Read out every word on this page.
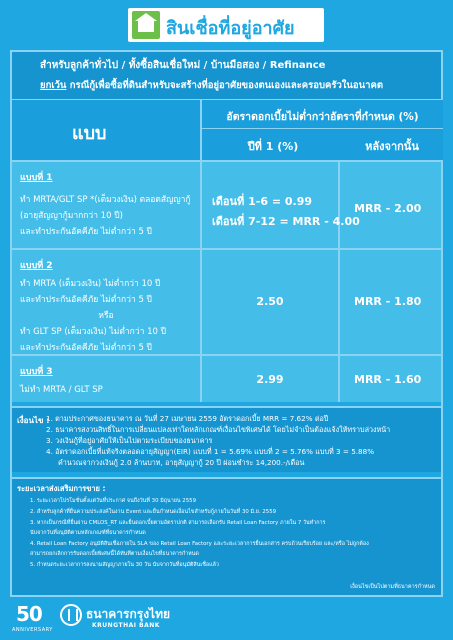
สินเชื่อที่อยู่อาศัย
สำหรับลูกค้าทั่วไป / ทั้งซื้อสินเชื่อใหม่ / บ้านมือสอง / Refinance
ยกเว้น กรณีกู้เพื่อซื้อที่ดินสำหรับจะสร้างที่อยู่อาศัยของตนเองและครอบครัวในอนาคต
แบบ
อัตราดอกเบี้ยไม่ต่ำกว่าอัตราที่กำหนด (%)
ปีที่ 1 (%)	หลังจากนั้น
แบบที่ 1
ทำ MRTA/GLT SP *(เต็มวงเงิน) ตลอดสัญญากู้
(อายุสัญญากู้มากกว่า 10 ปี)
และทำประกันอัคคีภัย ไม่ต่ำกว่า 5 ปี
เดือนที่ 1-6 = 0.99
เดือนที่ 7-12 = MRR - 4.00
MRR - 2.00
แบบที่ 2
ทำ MRTA (เต็มวงเงิน) ไม่ต่ำกว่า 10 ปี
และทำประกันอัคคีภัย ไม่ต่ำกว่า 5 ปี
หรือ
ทำ GLT SP (เต็มวงเงิน) ไม่ต่ำกว่า 10 ปี
และทำประกันอัคคีภัย ไม่ต่ำกว่า 5 ปี
2.50	MRR - 1.80
แบบที่ 3
ไม่ทำ MRTA / GLT SP
2.99	MRR - 1.60
เงื่อนไข :
1. ตามประกาศของธนาคาร ณ วันที่ 27 เมษายน 2559 อัตราดอกเบี้ย MRR = 7.62% ต่อปี
2. ธนาคารสงวนสิทธิ์ในการเปลี่ยนแปลงเท่าใดหลักเกณฑ์เงื่อนไขพิเศษได้ โดยไม่จำเป็นต้องแจ้งให้ทราบล่วงหน้า
3. วงเงินกู้ที่อยู่อาศัยให้เป็นไปตามระเบียบของธนาคาร
4. อัตราดอกเบี้ยที่แท้จริงตลอดอายุสัญญา(EIR) แบบที่ 1 = 5.69% แบบที่ 2 = 5.76% แบบที่ 3 = 5.88%
คำนวณจากวงเงินกู้ 2.0 ล้านบาท, อายุสัญญากู้ 20 ปี ผ่อนชำระ 14,200.-/เดือน
ระยะเวลาส่งเสริมการขาย :
1. ระยะเวลาโปรโมชั่นตั้งแต่วันที่ประกาศ จนถึงวันที่ 30 มิถุนายน 2559
2. สำหรับลูกค้าที่ยื่นความประสงค์ในงาน Event และยื่นกำหนดเงื่อนไขสำหรับกู้ภายในวันที่ 30 มิ.ย. 2559
3. หากเป็นกรณีที่ยื่นผ่าน CMLOS_RT และยื่นดอกเบี้ยตามอัตราปกติ สามารถเลือกรับ Retail Loan Factory ภายใน 7 วันทำการ
นับจากวันที่อนุมัติตามหลักเกณฑ์ที่ธนาคารกำหนด
4. Retail Loan Factory อนุมัติสินเชื่อภายใน SLA ของ Retail Loan Factory และระยะเวลาการยื่นเอกสาร ครบถ้วนเรียบร้อย และ/หรือ ไม่ถูกต้อง
สามารถยกเลิกการรับดอกเบี้ยพิเศษนี้ได้ทันทีตามเงื่อนไขที่ธนาคารกำหนด
5. กำหนดระยะเวลาการลงนามสัญญาภายใน 30 วัน นับจากวันที่อนุมัติสินเชื่อแล้ว
เงื่อนไขเป็นไปตามที่ธนาคารกำหนด
50
ANNIVERSARY
ธนาคารกรุงไทย
KRUNGTHAI BANK
